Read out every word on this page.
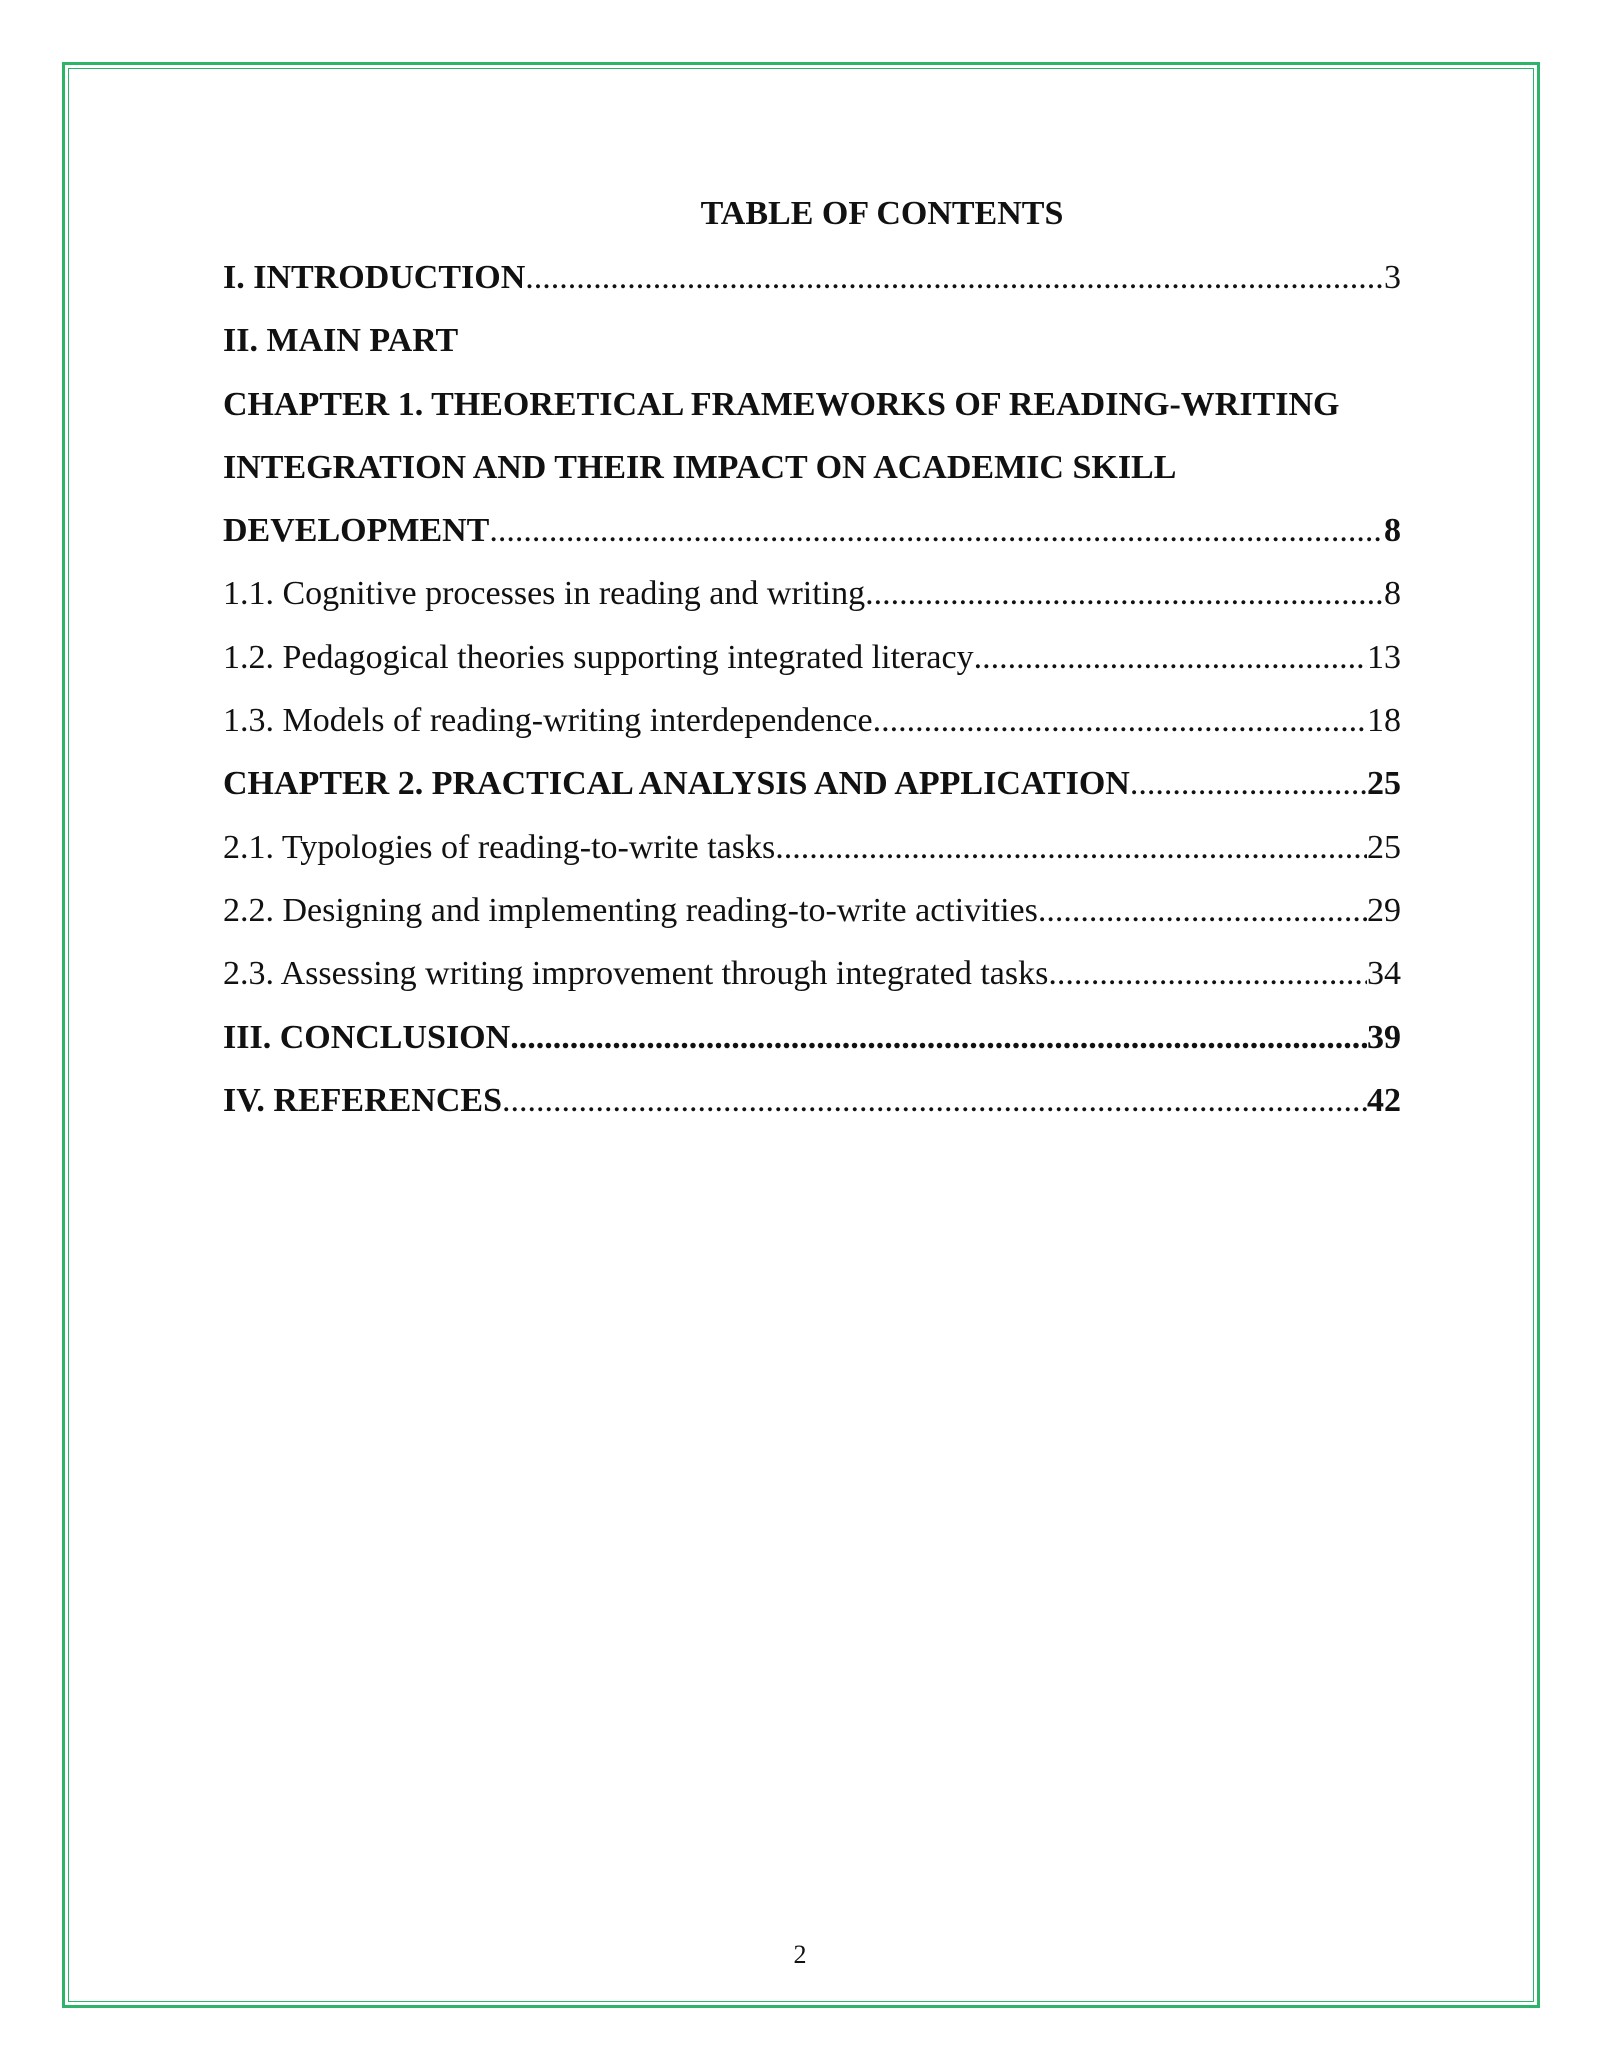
TABLE OF CONTENTS
I. INTRODUCTION .....	3
II. MAIN PART
CHAPTER 1. THEORETICAL FRAMEWORKS OF READING-WRITING
INTEGRATION AND THEIR IMPACT ON ACADEMIC SKILL
DEVELOPMENT .....	8
1.1. Cognitive processes in reading and writing .....	8
1.2. Pedagogical theories supporting integrated literacy .....	13
1.3. Models of reading-writing interdependence .....	18
CHAPTER 2. PRACTICAL ANALYSIS AND APPLICATION .....	25
2.1. Typologies of reading-to-write tasks .....	25
2.2. Designing and implementing reading-to-write activities .....	29
2.3. Assessing writing improvement through integrated tasks .....	34
III. CONCLUSION .....	39
IV. REFERENCES .....	42
2
